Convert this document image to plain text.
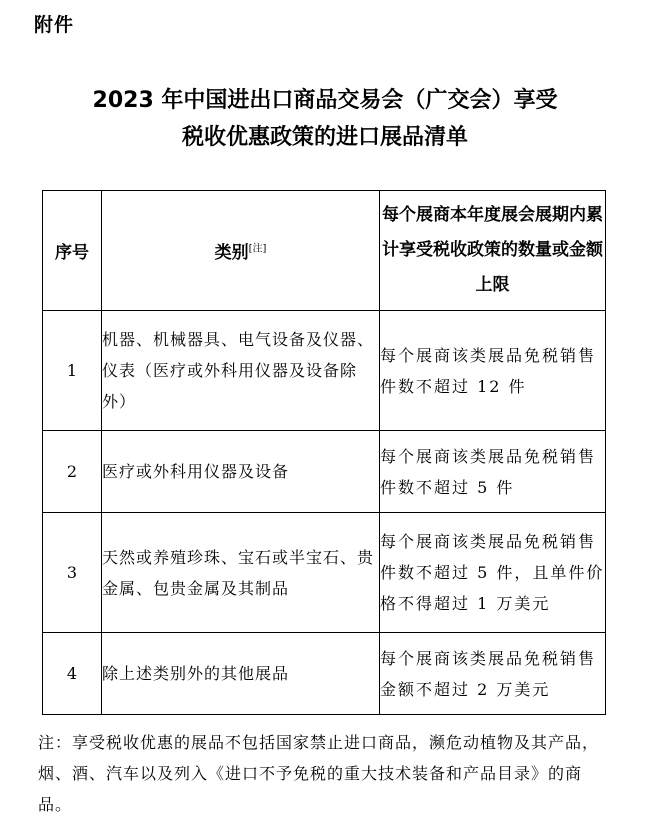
附件
2023 年中国进出口商品交易会（广交会）享受
税收优惠政策的进口展品清单
序号	类别[注]	每个展商本年度展会展期内累计享受税收政策的数量或金额上限
1	机器、机械器具、电气设备及仪器、仪表（医疗或外科用仪器及设备除外）	每个展商该类展品免税销售件数不超过 12 件
2	医疗或外科用仪器及设备	每个展商该类展品免税销售件数不超过 5 件
3	天然或养殖珍珠、宝石或半宝石、贵金属、包贵金属及其制品	每个展商该类展品免税销售件数不超过 5 件，且单件价格不得超过 1 万美元
4	除上述类别外的其他展品	每个展商该类展品免税销售金额不超过 2 万美元
注：享受税收优惠的展品不包括国家禁止进口商品，濒危动植物及其产品，烟、酒、汽车以及列入《进口不予免税的重大技术装备和产品目录》的商品。
